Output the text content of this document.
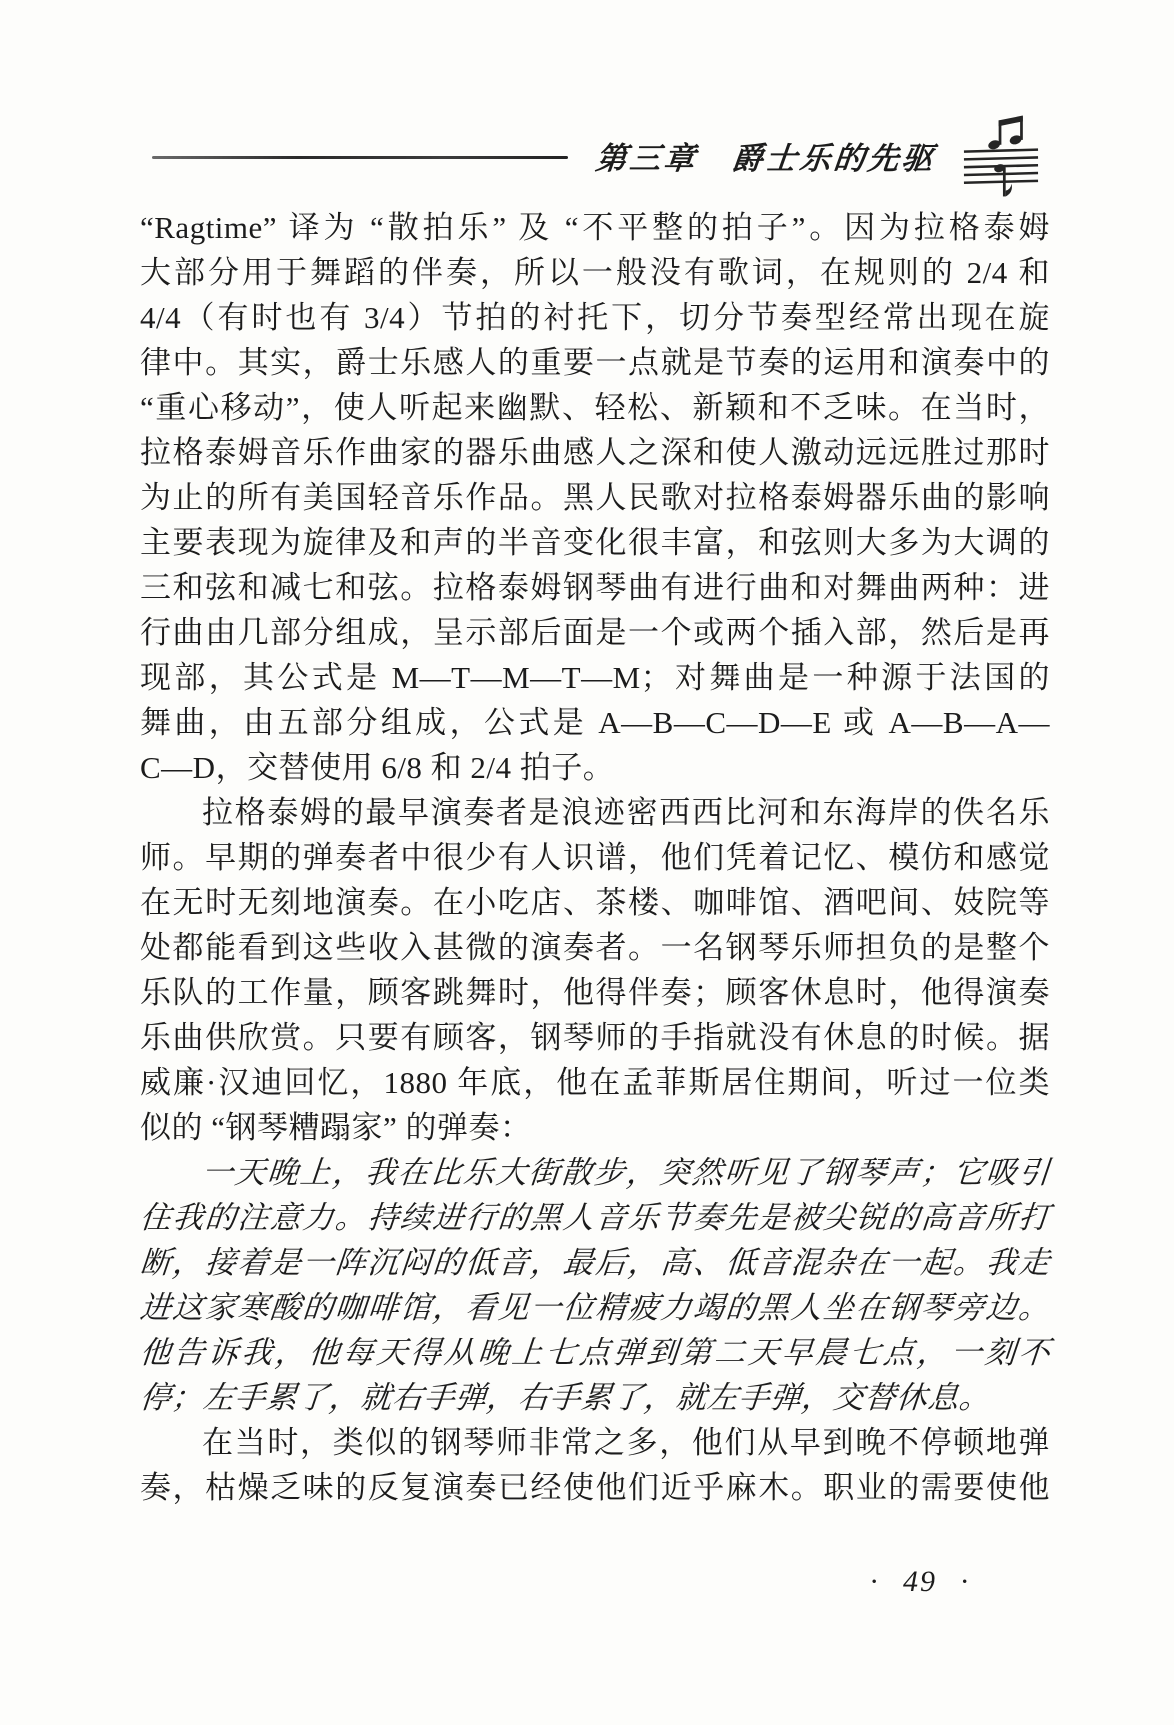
第三章　爵士乐的先驱
“Ragtime” 译为 “散拍乐” 及 “不平整的拍子”。因为拉格泰姆
大部分用于舞蹈的伴奏，所以一般没有歌词，在规则的 2/4 和
4/4（有时也有 3/4）节拍的衬托下，切分节奏型经常出现在旋
律中。其实，爵士乐感人的重要一点就是节奏的运用和演奏中的
“重心移动”，使人听起来幽默、轻松、新颖和不乏味。在当时，
拉格泰姆音乐作曲家的器乐曲感人之深和使人激动远远胜过那时
为止的所有美国轻音乐作品。黑人民歌对拉格泰姆器乐曲的影响
主要表现为旋律及和声的半音变化很丰富，和弦则大多为大调的
三和弦和减七和弦。拉格泰姆钢琴曲有进行曲和对舞曲两种：进
行曲由几部分组成，呈示部后面是一个或两个插入部，然后是再
现部，其公式是 M—T—M—T—M；对舞曲是一种源于法国的
舞曲，由五部分组成，公式是 A—B—C—D—E 或 A—B—A—
C—D，交替使用 6/8 和 2/4 拍子。
拉格泰姆的最早演奏者是浪迹密西西比河和东海岸的佚名乐
师。早期的弹奏者中很少有人识谱，他们凭着记忆、模仿和感觉
在无时无刻地演奏。在小吃店、茶楼、咖啡馆、酒吧间、妓院等
处都能看到这些收入甚微的演奏者。一名钢琴乐师担负的是整个
乐队的工作量，顾客跳舞时，他得伴奏；顾客休息时，他得演奏
乐曲供欣赏。只要有顾客，钢琴师的手指就没有休息的时候。据
威廉·汉迪回忆，1880 年底，他在孟菲斯居住期间，听过一位类
似的 “钢琴糟蹋家” 的弹奏：
一天晚上，我在比乐大街散步，突然听见了钢琴声；它吸引
住我的注意力。持续进行的黑人音乐节奏先是被尖锐的高音所打
断，接着是一阵沉闷的低音，最后，高、低音混杂在一起。我走
进这家寒酸的咖啡馆，看见一位精疲力竭的黑人坐在钢琴旁边。
他告诉我，他每天得从晚上七点弹到第二天早晨七点，一刻不
停；左手累了，就右手弹，右手累了，就左手弹，交替休息。
在当时，类似的钢琴师非常之多，他们从早到晚不停顿地弹
奏，枯燥乏味的反复演奏已经使他们近乎麻木。职业的需要使他
· 49 ·
